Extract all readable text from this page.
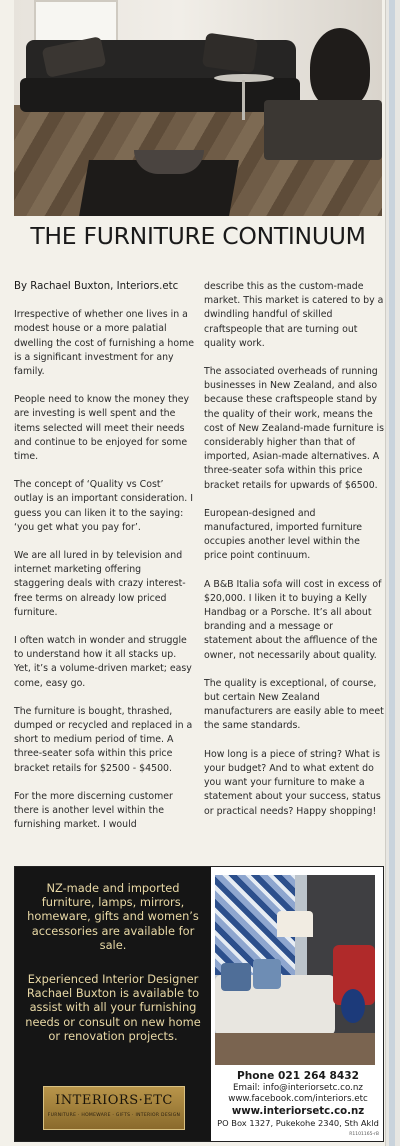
THE FURNITURE CONTINUUM

By Rachael Buxton, Interiors.etc

Irrespective of whether one lives in a modest house or a more palatial dwelling the cost of furnishing a home is a significant investment for any family.

People need to know the money they are investing is well spent and the items selected will meet their needs and continue to be enjoyed for some time.

The concept of ‘Quality vs Cost’ outlay is an important consideration. I guess you can liken it to the saying: ‘you get what you pay for’.

We are all lured in by television and internet marketing offering staggering deals with crazy interest-free terms on already low priced furniture.

I often watch in wonder and struggle to understand how it all stacks up. Yet, it’s a volume-driven market; easy come, easy go.

The furniture is bought, thrashed, dumped or recycled and replaced in a short to medium period of time. A three-seater sofa within this price bracket retails for $2500 - $4500.

For the more discerning customer there is another level within the furnishing market. I would

describe this as the custom-made market. This market is catered to by a dwindling handful of skilled craftspeople that are turning out quality work.

The associated overheads of running businesses in New Zealand, and also because these craftspeople stand by the quality of their work, means the cost of New Zealand-made furniture is considerably higher than that of imported, Asian-made alternatives. A three-seater sofa within this price bracket retails for upwards of $6500.

European-designed and manufactured, imported furniture occupies another level within the price point continuum.

A B&B Italia sofa will cost in excess of $20,000. I liken it to buying a Kelly Handbag or a Porsche. It’s all about branding and a message or statement about the affluence of the owner, not necessarily about quality.

The quality is exceptional, of course, but certain New Zealand manufacturers are easily able to meet the same standards.

How long is a piece of string? What is your budget? And to what extent do you want your furniture to make a statement about your success, status or practical needs? Happy shopping!

NZ-made and imported furniture, lamps, mirrors, homeware, gifts and women’s accessories are available for sale.
Experienced Interior Designer Rachael Buxton is available to assist with all your furnishing needs or consult on new home or renovation projects.
INTERIORS·ETC
FURNITURE · HOMEWARE · GIFTS · INTERIOR DESIGN
Phone 021 264 8432
Email: info@interiorsetc.co.nz
www.facebook.com/interiors.etc
www.interiorsetc.co.nz
PO Box 1327, Pukekohe 2340, Sth Akld
R1101165-rB
